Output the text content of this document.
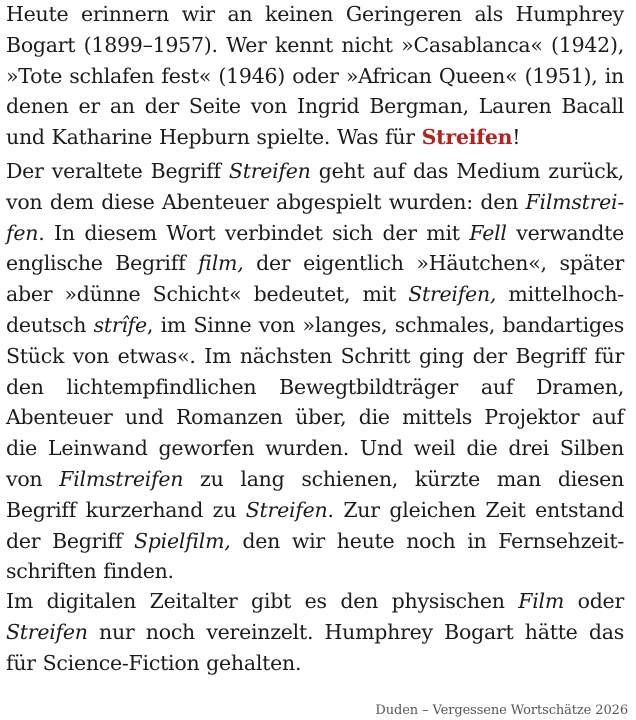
Heute erinnern wir an keinen Geringeren als Humphrey
Bogart (1899–1957). Wer kennt nicht »Casablanca« (1942),
»Tote schlafen fest« (1946) oder »African Queen« (1951), in
denen er an der Seite von Ingrid Bergman, Lauren Bacall
und Katharine Hepburn spielte. Was für Streifen!

Der veraltete Begriff Streifen geht auf das Medium zurück,
von dem diese Abenteuer abgespielt wurden: den Filmstrei-
fen. In diesem Wort verbindet sich der mit Fell verwandte
englische Begriff film, der eigentlich »Häutchen«, später
aber »dünne Schicht« bedeutet, mit Streifen, mittelhoch-
deutsch strîfe, im Sinne von »langes, schmales, bandartiges
Stück von etwas«. Im nächsten Schritt ging der Begriff für
den lichtempfindlichen Bewegtbildträger auf Dramen,
Abenteuer und Romanzen über, die mittels Projektor auf
die Leinwand geworfen wurden. Und weil die drei Silben
von Filmstreifen zu lang schienen, kürzte man diesen
Begriff kurzerhand zu Streifen. Zur gleichen Zeit entstand
der Begriff Spielfilm, den wir heute noch in Fernsehzeit-
schriften finden.

Im digitalen Zeitalter gibt es den physischen Film oder
Streifen nur noch vereinzelt. Humphrey Bogart hätte das
für Science-Fiction gehalten.

Duden – Vergessene Wortschätze 2026
